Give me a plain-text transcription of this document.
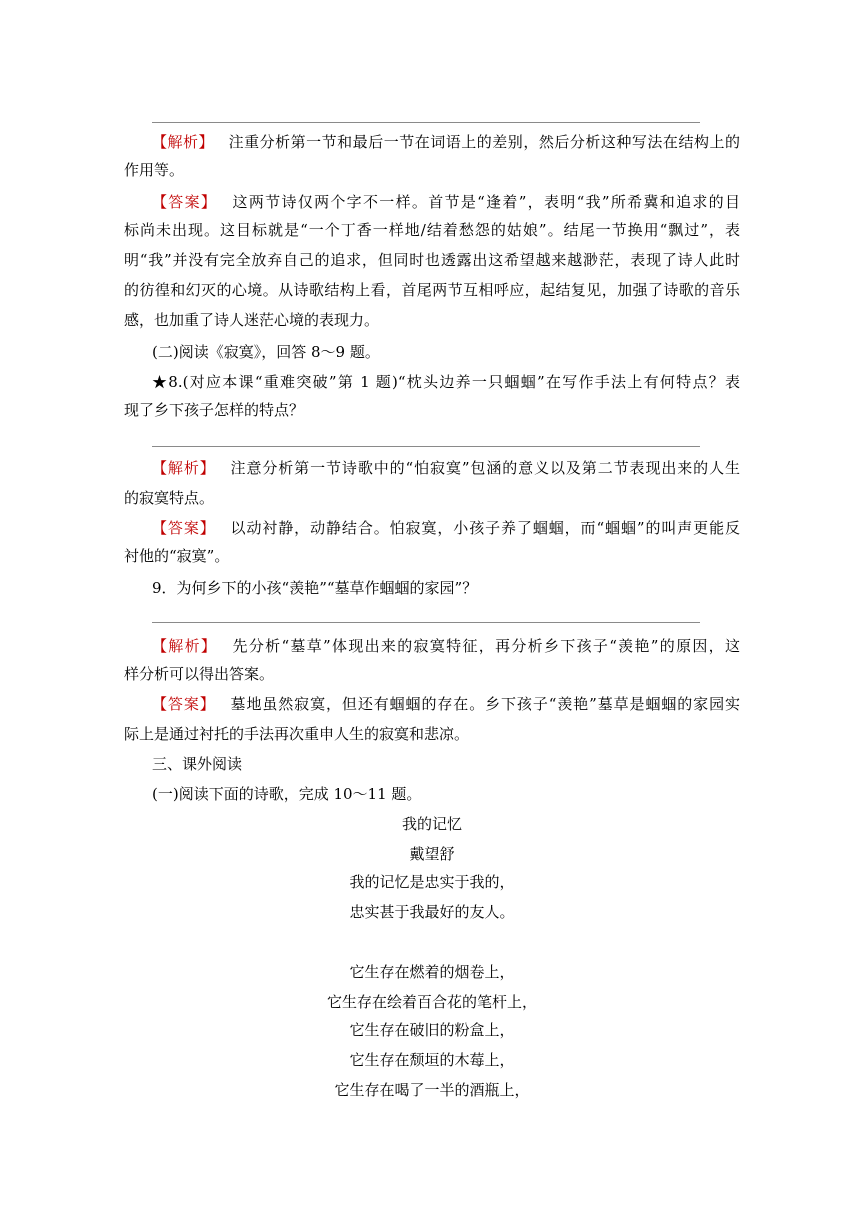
【解析】 注重分析第一节和最后一节在词语上的差别，然后分析这种写法在结构上的
作用等。
【答案】 这两节诗仅两个字不一样。首节是“逢着”，表明“我”所希冀和追求的目
标尚未出现。这目标就是“一个丁香一样地/结着愁怨的姑娘”。结尾一节换用“飘过”，表
明“我”并没有完全放弃自己的追求，但同时也透露出这希望越来越渺茫，表现了诗人此时
的彷徨和幻灭的心境。从诗歌结构上看，首尾两节互相呼应，起结复见，加强了诗歌的音乐
感，也加重了诗人迷茫心境的表现力。
(二)阅读《寂寞》，回答 8～9 题。
★8.(对应本课“重难突破”第 1 题)“枕头边养一只蝈蝈”在写作手法上有何特点？表
现了乡下孩子怎样的特点？
【解析】 注意分析第一节诗歌中的“怕寂寞”包涵的意义以及第二节表现出来的人生
的寂寞特点。
【答案】 以动衬静，动静结合。怕寂寞，小孩子养了蝈蝈，而“蝈蝈”的叫声更能反
衬他的“寂寞”。
9．为何乡下的小孩“羡艳”“墓草作蝈蝈的家园”？
【解析】 先分析“墓草”体现出来的寂寞特征，再分析乡下孩子“羡艳”的原因，这
样分析可以得出答案。
【答案】 墓地虽然寂寞，但还有蝈蝈的存在。乡下孩子“羡艳”墓草是蝈蝈的家园实
际上是通过衬托的手法再次重申人生的寂寞和悲凉。
三、课外阅读
(一)阅读下面的诗歌，完成 10～11 题。
我的记忆
戴望舒
我的记忆是忠实于我的，
忠实甚于我最好的友人。
它生存在燃着的烟卷上，
它生存在绘着百合花的笔杆上，
它生存在破旧的粉盒上，
它生存在颓垣的木莓上，
它生存在喝了一半的酒瓶上，
